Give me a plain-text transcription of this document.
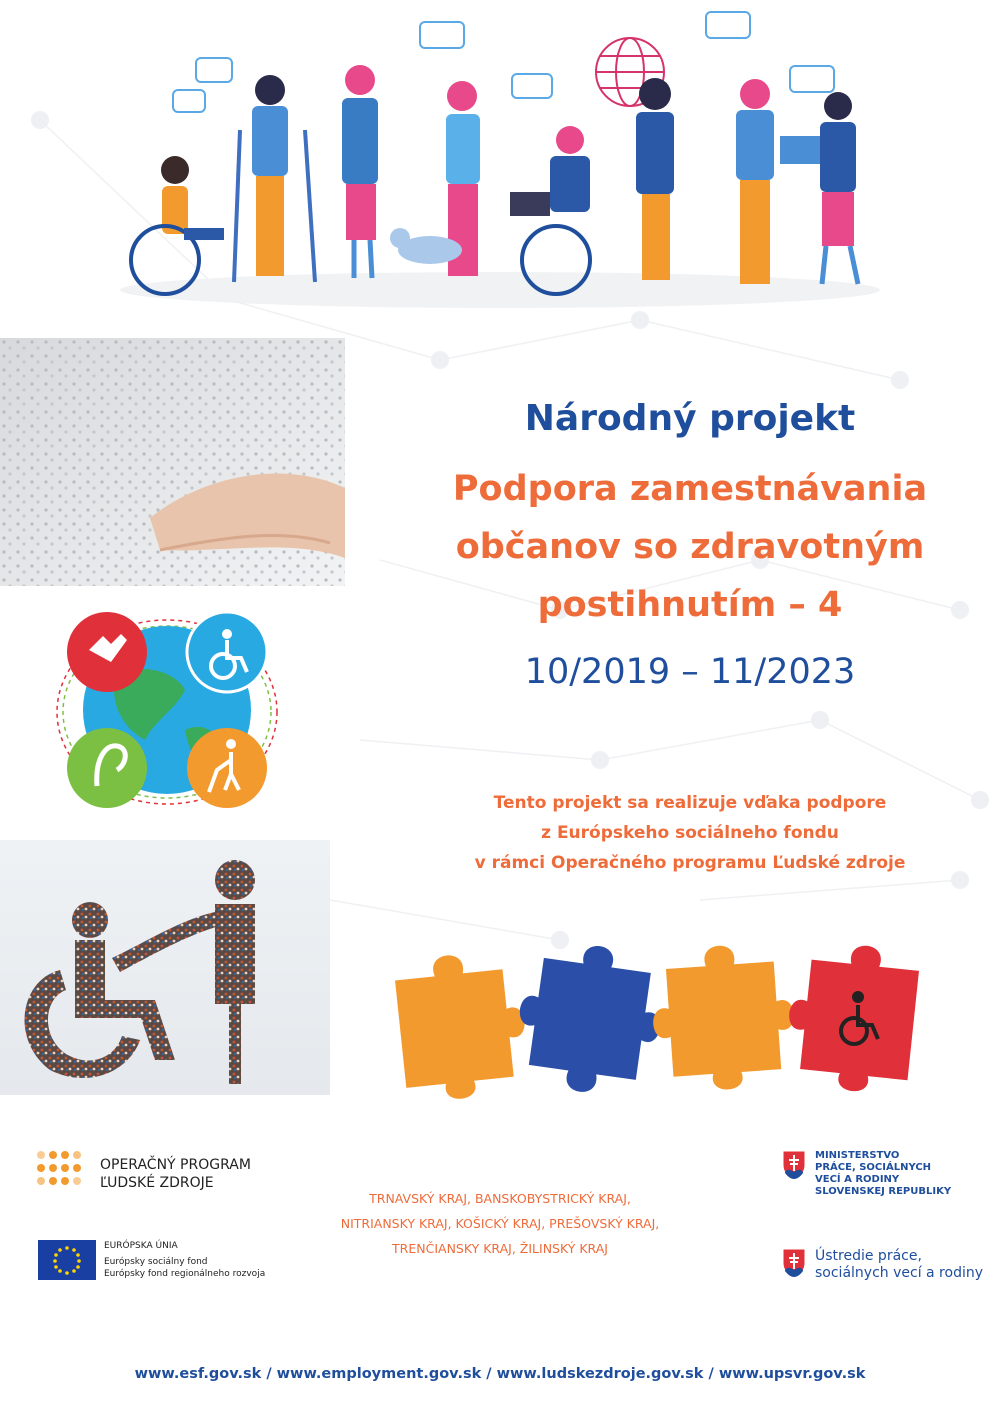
Národný projekt
Podpora zamestnávania
občanov so zdravotným
postihnutím – 4
10/2019 – 11/2023
Tento projekt sa realizuje vďaka podpore
z Európskeho sociálneho fondu
v rámci Operačného programu Ľudské zdroje
OPERAČNÝ PROGRAM
ĽUDSKÉ ZDROJE
EURÓPSKA ÚNIA
Európsky sociálny fond
Európsky fond regionálneho rozvoja
TRNAVSKÝ KRAJ, BANSKOBYSTRICKÝ KRAJ,
NITRIANSKY KRAJ, KOŠICKÝ KRAJ, PREŠOVSKÝ KRAJ,
TRENČIANSKY KRAJ, ŽILINSKÝ KRAJ
MINISTERSTVO
PRÁCE, SOCIÁLNYCH
VECÍ A RODINY
SLOVENSKEJ REPUBLIKY
Ústredie práce,
sociálnych vecí a rodiny
www.esf.gov.sk / www.employment.gov.sk / www.ludskezdroje.gov.sk / www.upsvr.gov.sk
